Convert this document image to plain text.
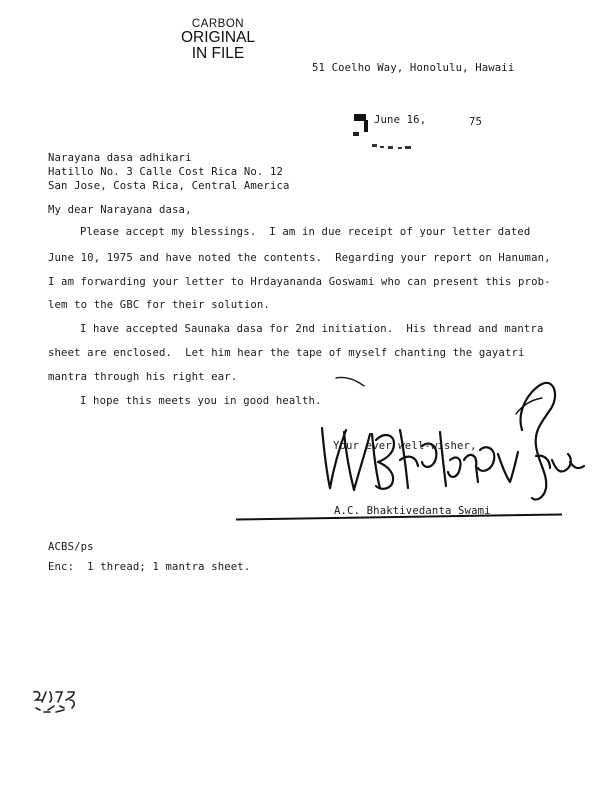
CARBON
ORIGINAL
IN FILE
51 Coelho Way, Honolulu, Hawaii
June 16,	75
Narayana dasa adhikari
Hatillo No. 3 Calle Cost Rica No. 12
San Jose, Costa Rica, Central America
My dear Narayana dasa,
Please accept my blessings.  I am in due receipt of your letter dated
June 10, 1975 and have noted the contents.  Regarding your report on Hanuman,
I am forwarding your letter to Hrdayananda Goswami who can present this prob-
lem to the GBC for their solution.
I have accepted Saunaka dasa for 2nd initiation.  His thread and mantra
sheet are enclosed.  Let him hear the tape of myself chanting the gayatri
mantra through his right ear.
I hope this meets you in good health.
Your ever well-wisher,
A.C. Bhaktivedanta Swami
ACBS/ps
Enc:  1 thread; 1 mantra sheet.
